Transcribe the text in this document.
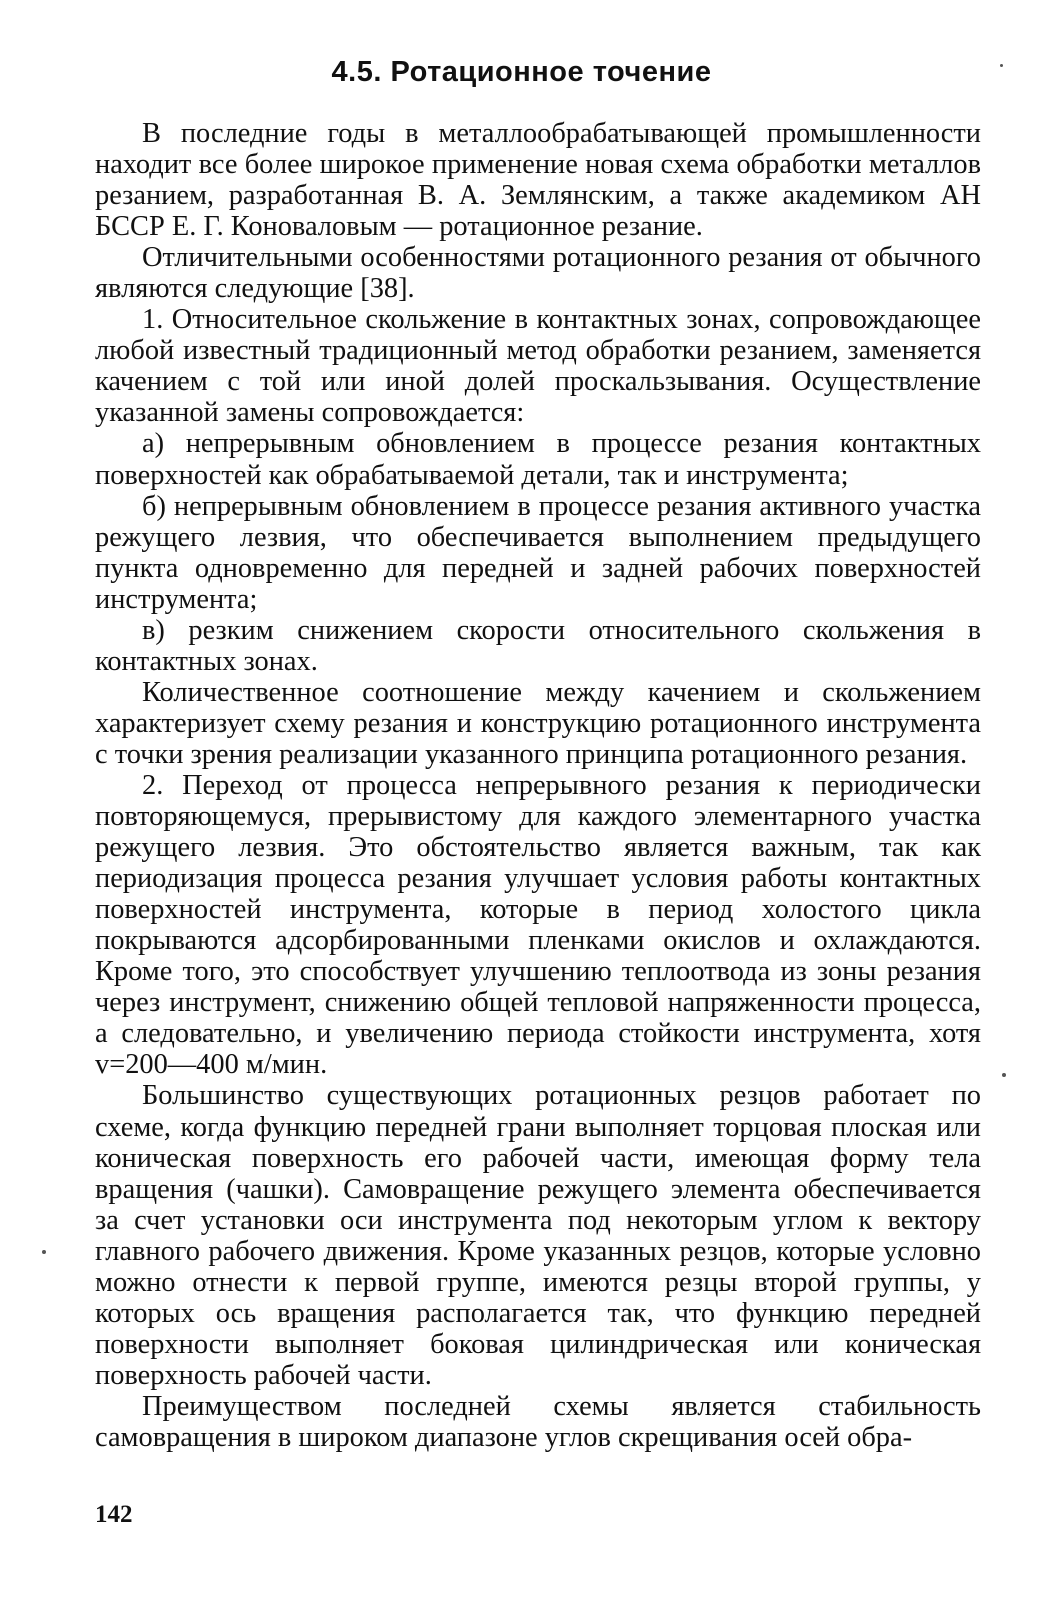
4.5. Ротационное точение

В последние годы в металлообрабатывающей промышленности находит все более широкое применение новая схема обработки металлов резанием, разработанная В. А. Землянским, а также академиком АН БССР Е. Г. Коноваловым — ротационное резание.

Отличительными особенностями ротационного резания от обычного являются следующие [38].

1. Относительное скольжение в контактных зонах, сопровождающее любой известный традиционный метод обработки резанием, заменяется качением с той или иной долей проскальзывания. Осуществление указанной замены сопровождается:

а) непрерывным обновлением в процессе резания контактных поверхностей как обрабатываемой детали, так и инструмента;

б) непрерывным обновлением в процессе резания активного участка режущего лезвия, что обеспечивается выполнением предыдущего пункта одновременно для передней и задней рабочих поверхностей инструмента;

в) резким снижением скорости относительного скольжения в контактных зонах.

Количественное соотношение между качением и скольжением характеризует схему резания и конструкцию ротационного инструмента с точки зрения реализации указанного принципа ротационного резания.

2. Переход от процесса непрерывного резания к периодически повторяющемуся, прерывистому для каждого элементарного участка режущего лезвия. Это обстоятельство является важным, так как периодизация процесса резания улучшает условия работы контактных поверхностей инструмента, которые в период холостого цикла покрываются адсорбированными пленками окислов и охлаждаются. Кроме того, это способствует улучшению теплоотвода из зоны резания через инструмент, снижению общей тепловой напряженности процесса, а следовательно, и увеличению периода стойкости инструмента, хотя v=200—400 м/мин.

Большинство существующих ротационных резцов работает по схеме, когда функцию передней грани выполняет торцовая плоская или коническая поверхность его рабочей части, имеющая форму тела вращения (чашки). Самовращение режущего элемента обеспечивается за счет установки оси инструмента под некоторым углом к вектору главного рабочего движения. Кроме указанных резцов, которые условно можно отнести к первой группе, имеются резцы второй группы, у которых ось вращения располагается так, что функцию передней поверхности выполняет боковая цилиндрическая или коническая поверхность рабочей части.

Преимуществом последней схемы является стабильность самовращения в широком диапазоне углов скрещивания осей обра-

142
